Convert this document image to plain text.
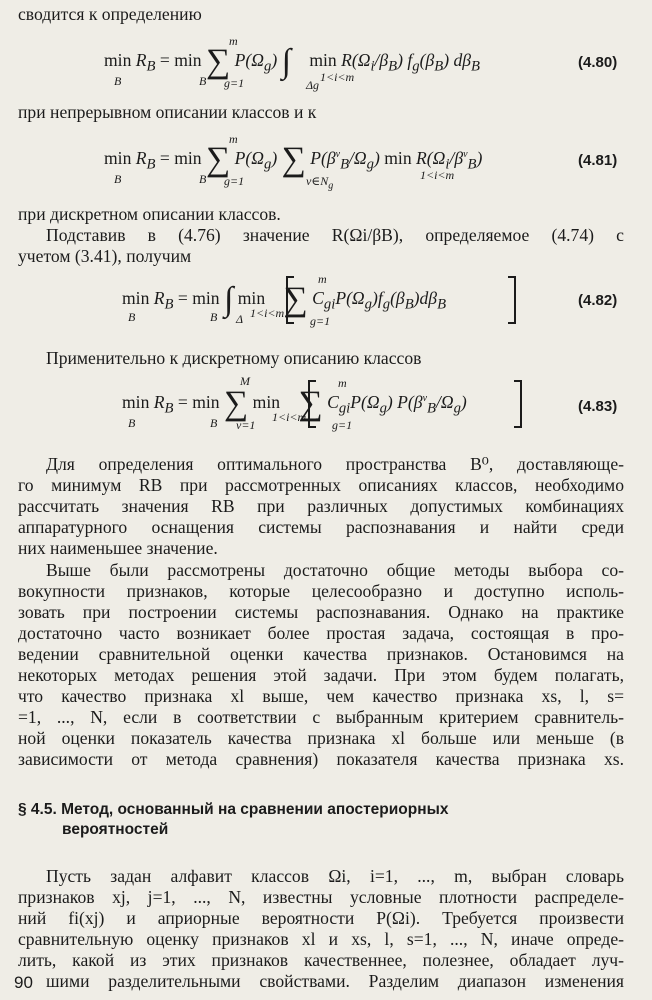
сводится к определению
$\min R_B = \min$ ∑ $P(\Omega_g)$ ∫ $\min R(\Omega_i/\beta_B)$ $f_g(\beta_B)$ $d\beta_B$
B	B
m
g=1	Δg
1<i<m
(4.80)
при непрерывном описании классов и к
$\min R_B = \min$ ∑ $P(\Omega_g)$ ∑ $P(\beta^\nu_B/\Omega_g)$ $\min R(\Omega_i/\beta^\nu_B)$
B	B
m
g=1	$\nu\in N_g$
1<i<m
(4.81)
при дискретном описании классов.
Подставив в (4.76) значение R(Ωi/βB), определяемое (4.74) с
учетом (3.41), получим
$\min R_B = \min$ ∫ min ∑ $C_{gi}P(\Omega_g)f_g(\beta_B)d\beta_B$
B	B Δ 1<i<m
m
g=1
(4.82)
Применительно к дискретному описанию классов
$\min R_B = \min$ ∑ min ∑ $C_{gi}P(\Omega_g)$ $P(\beta^\nu_B/\Omega_g)$
B	B
M
ν=1
1<i<m
m
g=1
(4.83)
Для определения оптимального пространства B⁰, доставляюще-
го минимум RB при рассмотренных описаниях классов, необходимо
рассчитать значения RB при различных допустимых комбинациях
аппаратурного оснащения системы распознавания и найти среди
них наименьшее значение.
Выше были рассмотрены достаточно общие методы выбора со-
вокупности признаков, которые целесообразно и доступно исполь-
зовать при построении системы распознавания. Однако на практике
достаточно часто возникает более простая задача, состоящая в про-
ведении сравнительной оценки качества признаков. Остановимся на
некоторых методах решения этой задачи. При этом будем полагать,
что качество признака xl выше, чем качество признака xs, l, s=
=1, ..., N, если в соответствии с выбранным критерием сравнитель-
ной оценки показатель качества признака xl больше или меньше (в
зависимости от метода сравнения) показателя качества признака xs.
§ 4.5. Метод, основанный на сравнении апостериорных
вероятностей
Пусть задан алфавит классов Ωi, i=1, ..., m, выбран словарь
признаков xj, j=1, ..., N, известны условные плотности распределе-
ний fi(xj) и априорные вероятности P(Ωi). Требуется произвести
сравнительную оценку признаков xl и xs, l, s=1, ..., N, иначе опреде-
лить, какой из этих признаков качественнее, полезнее, обладает луч-
шими разделительными свойствами. Разделим диапазон изменения
90
